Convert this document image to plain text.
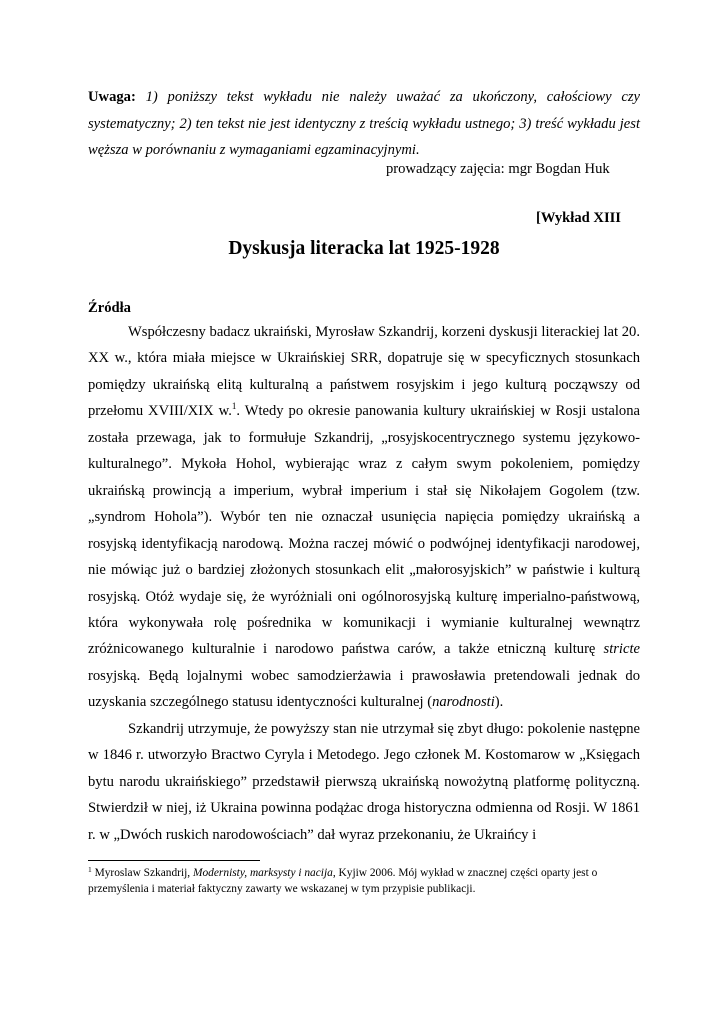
Uwaga: 1) poniższy tekst wykładu nie należy uważać za ukończony, całościowy czy systematyczny; 2) ten tekst nie jest identyczny z treścią wykładu ustnego; 3) treść wykładu jest węższa w porównaniu z wymaganiami egzaminacyjnymi.
prowadzący zajęcia: mgr Bogdan Huk
[Wykład XIII
Dyskusja literacka lat 1925-1928
Źródła

Współczesny badacz ukraiński, Myrosław Szkandrij, korzeni dyskusji literackiej lat 20. XX w., która miała miejsce w Ukraińskiej SRR, dopatruje się w specyficznych stosunkach pomiędzy ukraińską elitą kulturalną a państwem rosyjskim i jego kulturą począwszy od przełomu XVIII/XIX w.$^1$. Wtedy po okresie panowania kultury ukraińskiej w Rosji ustalona została przewaga, jak to formułuje Szkandrij, „rosyjskocentrycznego systemu językowo-kulturalnego”. Mykoła Hohol, wybierając wraz z całym swym pokoleniem, pomiędzy ukraińską prowincją a imperium, wybrał imperium i stał się Nikołajem Gogolem (tzw. „syndrom Hohola”). Wybór ten nie oznaczał usunięcia napięcia pomiędzy ukraińską a rosyjską identyfikacją narodową. Można raczej mówić o podwójnej identyfikacji narodowej, nie mówiąc już o bardziej złożonych stosunkach elit „małorosyjskich” w państwie i kulturą rosyjską. Otóż wydaje się, że wyróżniali oni ogólnorosyjską kulturę imperialno-państwową, która wykonywała rolę pośrednika w komunikacji i wymianie kulturalnej wewnątrz zróżnicowanego kulturalnie i narodowo państwa carów, a także etniczną kulturę stricte rosyjską. Będą lojalnymi wobec samodzierżawia i prawosławia pretendowali jednak do uzyskania szczególnego statusu identyczności kulturalnej (narodnosti).

Szkandrij utrzymuje, że powyższy stan nie utrzymał się zbyt długo: pokolenie następne w 1846 r. utworzyło Bractwo Cyryla i Metodego. Jego członek M. Kostomarow w „Księgach bytu narodu ukraińskiego” przedstawił pierwszą ukraińską nowożytną platformę polityczną. Stwierdził w niej, iż Ukraina powinna podążac droga historyczna odmienna od Rosji. W 1861 r. w „Dwóch ruskich narodowościach” dał wyraz przekonaniu, że Ukraińcy i

$^1$ Myroslaw Szkandrij, Modernisty, marksysty i nacija, Kyjiw 2006. Mój wykład w znacznej części oparty jest o przemyślenia i materiał faktyczny zawarty we wskazanej w tym przypisie publikacji.
